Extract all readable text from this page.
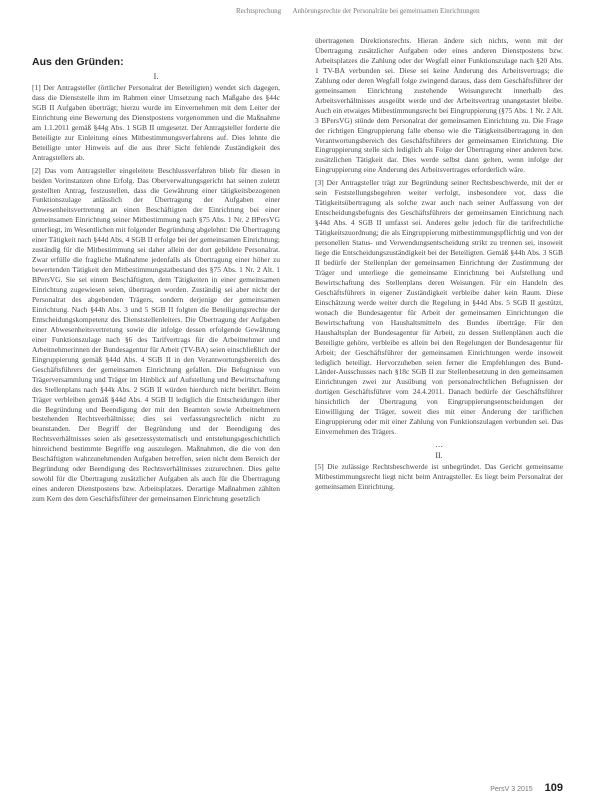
Rechtsprechung Anhörungsrechte der Personalräte bei gemeinsamen Einrichtungen
Aus den Gründen:
I.

[1] Der Antragsteller (örtlicher Personalrat der Beteiligten) wendet sich dagegen, dass die Dienststelle ihm im Rahmen einer Umsetzung nach Maßgabe des §44c SGB II Aufgaben überträgt; hierzu wurde im Einvernehmen mit dem Leiter der Einrichtung eine Bewertung des Dienstpostens vorgenommen und die Maßnahme am 1.1.2011 gemäß §44g Abs. 1 SGB II umgesetzt. Der Antragsteller forderte die Beteiligte zur Einleitung eines Mitbestimmungsverfahrens auf. Dies lehnte die Beteiligte unter Hinweis auf die aus ihrer Sicht fehlende Zuständigkeit des Antragstellers ab.

[2] Das vom Antragsteller eingeleitete Beschlussverfahren blieb für diesen in beiden Vorinstanzen ohne Erfolg. Das Oberverwaltungsgericht hat seinen zuletzt gestellten Antrag, festzustellen, dass die Gewährung einer tätigkeitsbezogenen Funktionszulage anlässlich der Übertragung der Aufgaben einer Abwesenheitsvertretung an einen Beschäftigten der Einrichtung bei einer gemeinsamen Einrichtung seiner Mitbestimmung nach §75 Abs. 1 Nr. 2 BPersVG unterliegt, im Wesentlichen mit folgender Begründung abgelehnt: Die Übertragung einer Tätigkeit nach §44d Abs. 4 SGB II erfolge bei der gemeinsamen Einrichtung; zuständig für die Mitbestimmung sei daher allein der dort gebildete Personalrat. Zwar erfülle die fragliche Maßnahme jedenfalls als Übertragung einer höher zu bewertenden Tätigkeit den Mitbestimmungstatbestand des §75 Abs. 1 Nr. 2 Alt. 1 BPersVG. Sie sei einem Beschäftigten, dem Tätigkeiten in einer gemeinsamen Einrichtung zugewiesen seien, übertragen worden. Zuständig sei aber nicht der Personalrat des abgebenden Trägers, sondern derjenige der gemeinsamen Einrichtung. Nach §44h Abs. 3 und 5 SGB II folgten die Beteiligungsrechte der Entscheidungskompetenz des Dienststellenleiters. Die Übertragung der Aufgaben einer Abwesenheitsvertretung sowie die infolge dessen erfolgende Gewährung einer Funktionszulage nach §6 des Tarifvertrags für die Arbeitnehmer und Arbeitnehmerinnen der Bundesagentur für Arbeit (TV-BA) seien einschließlich der Eingruppierung gemäß §44d Abs. 4 SGB II in den Verantwortungsbereich des Geschäftsführers der gemeinsamen Einrichtung gefallen. Die Befugnisse von Trägerversammlung und Träger im Hinblick auf Aufstellung und Bewirtschaftung des Stellenplans nach §44k Abs. 2 SGB II würden hierdurch nicht berührt. Beim Träger verbleiben gemäß §44d Abs. 4 SGB II lediglich die Entscheidungen über die Begründung und Beendigung der mit den Beamten sowie Arbeitnehmern bestehenden Rechtsverhältnisse; dies sei verfassungsrechtlich nicht zu beanstanden. Der Begriff der Begründung und der Beendigung des Rechtsverhältnisses seien als gesetzessystematisch und entstehungsgeschichtlich hinreichend bestimmte Begriffe eng auszulegen. Maßnahmen, die die von den Beschäftigten wahrzunehmenden Aufgaben betreffen, seien nicht dem Bereich der Begründung oder Beendigung des Rechtsverhältnisses zuzurechnen. Dies gelte sowohl für die Übertragung zusätzlicher Aufgaben als auch für die Übertragung eines anderen Dienstpostens bzw. Arbeitsplatzes. Derartige Maßnahmen zählten zum Kern des dem Geschäftsführer der gemeinsamen Einrichtung gesetzlich

übertragenen Direktionsrechts. Hieran ändere sich nichts, wenn mit der Übertragung zusätzlicher Aufgaben oder eines anderen Dienstpostens bzw. Arbeitsplatzes die Zahlung oder der Wegfall einer Funktionszulage nach §20 Abs. 1 TV-BA verbunden sei. Diese sei keine Änderung des Arbeitsvertrags; die Zahlung oder deren Wegfall folge zwingend daraus, dass dem Geschäftsführer der gemeinsamen Einrichtung zustehende Weisungsrecht innerhalb des Arbeitsverhältnisses ausgeübt werde und der Arbeitsvertrag unangetastet bleibe. Auch ein etwaiges Mitbestimmungsrecht bei Eingruppierung (§75 Abs. 1 Nr. 2 Alt. 3 BPersVG) stünde dem Personalrat der gemeinsamen Einrichtung zu. Die Frage der richtigen Eingruppierung falle ebenso wie die Tätigkeitsübertragung in den Verantwortungsbereich des Geschäftsführers der gemeinsamen Einrichtung. Die Eingruppierung stelle sich lediglich als Folge der Übertragung einer anderen bzw. zusätzlichen Tätigkeit dar. Dies werde selbst dann gelten, wenn infolge der Eingruppierung eine Änderung des Arbeitsvertrages erforderlich wäre.

[3] Der Antragsteller trägt zur Begründung seiner Rechtsbeschwerde, mit der er sein Feststellungsbegehren weiter verfolgt, insbesondere vor, dass die Tätigkeitsübertragung als solche zwar auch nach seiner Auffassung von der Entscheidungsbefugnis des Geschäftsführers der gemeinsamen Einrichtung nach §44d Abs. 4 SGB II umfasst sei. Anderes gelte jedoch für die tarifrechtliche Tätigkeitszuordnung; die als Eingruppierung mitbestimmungspflichtig und von der personellen Status- und Verwendungsentscheidung strikt zu trennen sei, insoweit liege die Entscheidungszuständigkeit bei der Beteiligten. Gemäß §44h Abs. 3 SGB II bedürfe der Stellenplan der gemeinsamen Einrichtung der Zustimmung der Träger und unterliege die gemeinsame Einrichtung bei Aufstellung und Bewirtschaftung des Stellenplans deren Weisungen. Für ein Handeln des Geschäftsführers in eigener Zuständigkeit verbleibe daher kein Raum. Diese Einschätzung werde weiter durch die Regelung in §44d Abs. 5 SGB II gestützt, wonach die Bundesagentur für Arbeit der gemeinsamen Einrichtungen die Bewirtschaftung von Haushaltsmitteln des Bundes überträge. Für den Haushaltsplan der Bundesagentur für Arbeit, zu dessen Stellenplänen auch die Beteiligte gehöre, verbleibe es allein bei den Regelungen der Bundesagentur für Arbeit; der Geschäftsführer der gemeinsamen Einrichtungen werde insoweit lediglich beteiligt. Hervorzuheben seien ferner die Empfehlungen des Bund-Länder-Ausschusses nach §18c SGB II zur Stellenbesetzung in den gemeinsamen Einrichtungen zwei zur Ausübung von personalrechtlichen Befugnissen der dortigen Geschäftsführer vom 24.4.2011. Danach bedürfe der Geschäftsführer hinsichtlich der Übertragung von Eingruppierungsentscheidungen der Einwilligung der Träger, soweit dies mit einer Änderung der tariflichen Eingruppierung oder mit einer Zahlung von Funktionszulagen verbunden sei. Das Einvernehmen des Trägers.

…
II.

[5] Die zulässige Rechtsbeschwerde ist unbegründet. Das Gericht gemeinsame Mitbestimmungsrecht liegt nicht beim Antragsteller. Es liegt beim Personalrat der gemeinsamen Einrichtung.

PersV 3 2015 109
